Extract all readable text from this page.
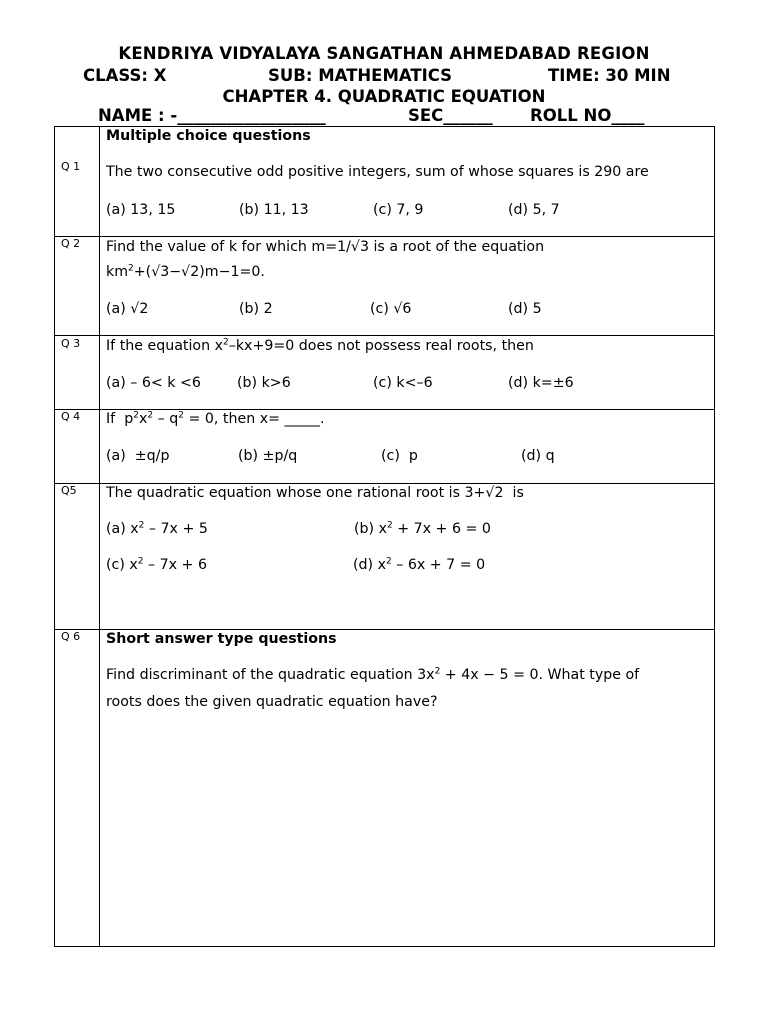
KENDRIYA VIDYALAYA SANGATHAN AHMEDABAD REGION
CLASS: X	SUB: MATHEMATICS	TIME: 30 MIN
CHAPTER 4. QUADRATIC EQUATION
NAME : -__________________	SEC______ ROLL NO____
Multiple choice questions
Q 1 The two consecutive odd positive integers, sum of whose squares is 290 are
(a) 13, 15	(b) 11, 13	(c) 7, 9	(d) 5, 7
Q 2 Find the value of k for which m=1/√3 is a root of the equation
$km^2+(√3-√2)m-1=0$.
(a) √2	(b) 2	(c) √6	(d) 5
Q 3 If the equation $x^2-kx+9=0$ does not possess real roots, then
(a) – 6< k <6	(b) k>6	(c) k<–6	(d) k=±6
Q 4 If  $p^2x^2 - q^2 = 0$, then x= _____.
(a)  ±q/p	(b) ±p/q	(c)  p	(d) q
Q5 The quadratic equation whose one rational root is 3+√2  is
(a) $x^2 - 7x + 5$	(b) $x^2 + 7x + 6 = 0$
(c) $x^2 - 7x + 6$	(d) $x^2 - 6x + 7 = 0$
Q 6 Short answer type questions
Find discriminant of the quadratic equation $3x^2 + 4x - 5 = 0$. What type of
roots does the given quadratic equation have?
